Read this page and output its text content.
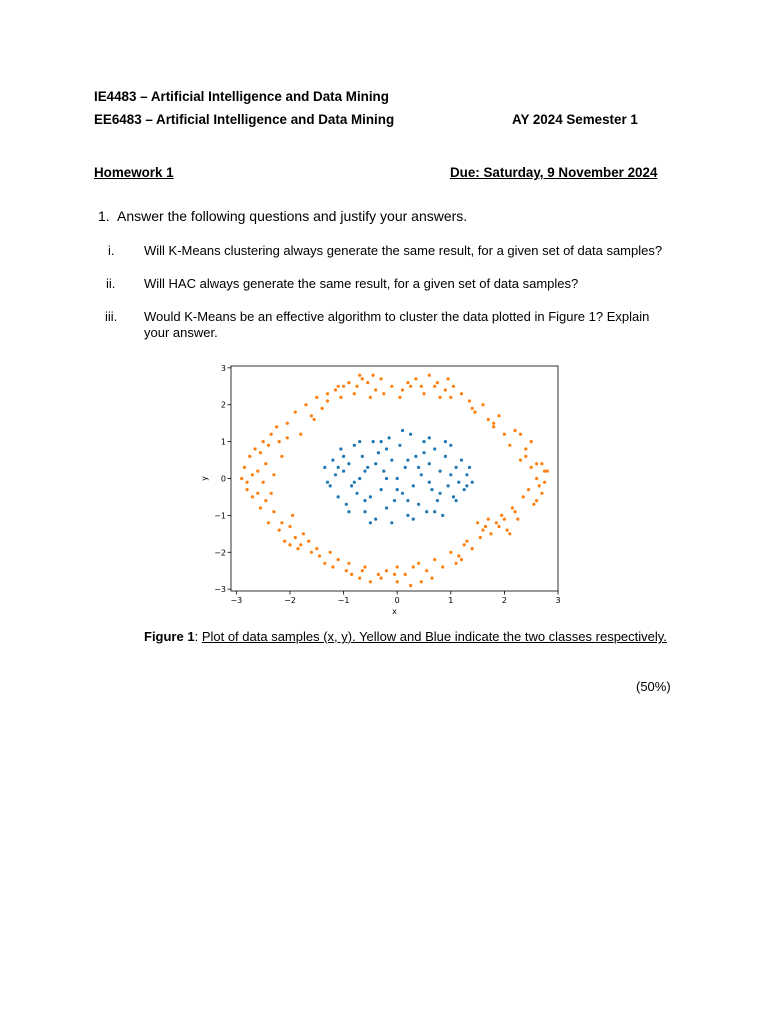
IE4483 – Artificial Intelligence and Data Mining
EE6483 – Artificial Intelligence and Data Mining	AY 2024 Semester 1
Homework 1	Due: Saturday, 9 November 2024
1. Answer the following questions and justify your answers.
i. Will K-Means clustering always generate the same result, for a given set of data samples?
ii. Will HAC always generate the same result, for a given set of data samples?
iii. Would K-Means be an effective algorithm to cluster the data plotted in Figure 1? Explain
your answer.
−3	−2	−1	0	1	2	3
−3
−2
−1
0
1
2
3
x
y
Figure 1: Plot of data samples (x, y). Yellow and Blue indicate the two classes respectively.
(50%)
